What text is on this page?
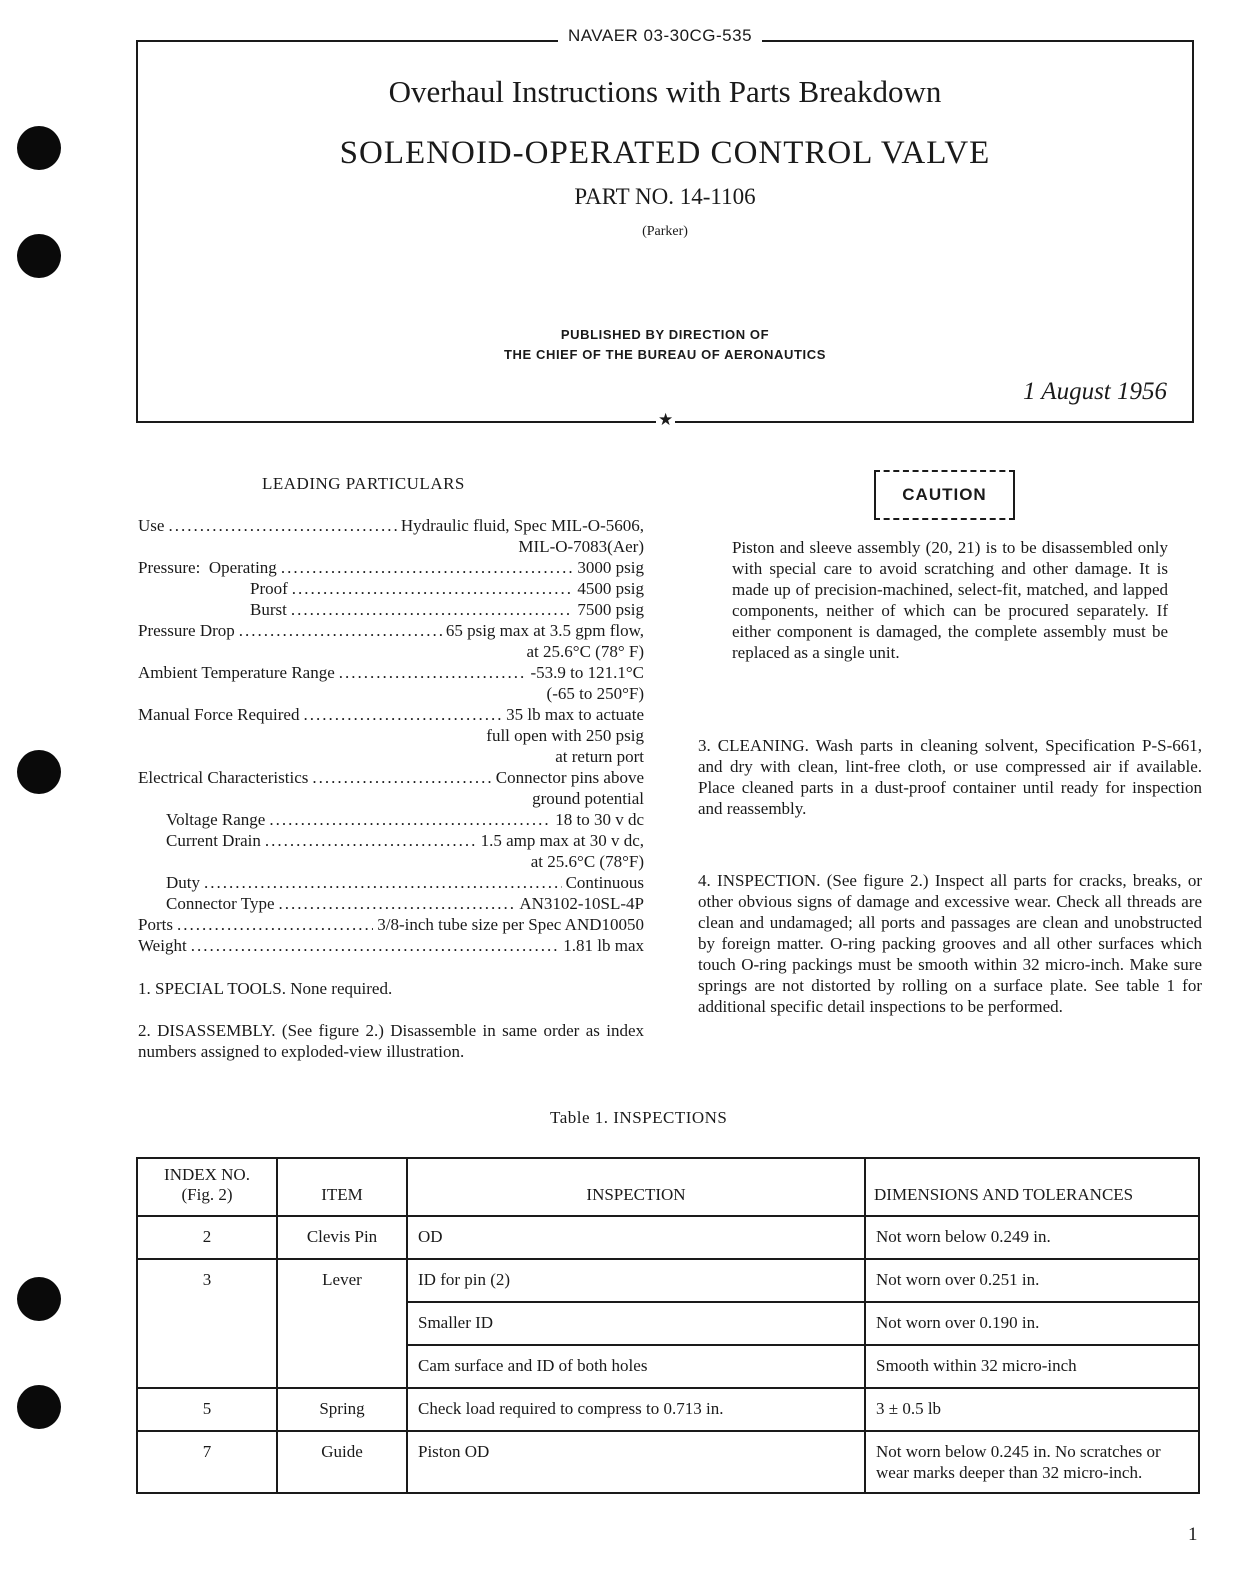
NAVAER 03-30CG-535
Overhaul Instructions with Parts Breakdown
SOLENOID-OPERATED CONTROL VALVE
PART NO. 14-1106
(Parker)
PUBLISHED BY DIRECTION OF
THE CHIEF OF THE BUREAU OF AERONAUTICS
1 August 1956
★
LEADING PARTICULARS
Use .....	Hydraulic fluid, Spec MIL-O-5606,
MIL-O-7083(Aer)
Pressure: Operating .....	3000 psig
Proof .....	4500 psig
Burst .....	7500 psig
Pressure Drop .....	65 psig max at 3.5 gpm flow,
at 25.6°C (78° F)
Ambient Temperature Range .....	-53.9 to 121.1°C
(-65 to 250°F)
Manual Force Required .....	35 lb max to actuate
full open with 250 psig
at return port
Electrical Characteristics .....	Connector pins above
ground potential
Voltage Range .....	18 to 30 v dc
Current Drain .....	1.5 amp max at 30 v dc,
at 25.6°C (78°F)
Duty .....	Continuous
Connector Type .....	AN3102-10SL-4P
Ports .....	3/8-inch tube size per Spec AND10050
Weight .....	1.81 lb max
1. SPECIAL TOOLS. None required.
2. DISASSEMBLY. (See figure 2.) Disassemble in same order as index numbers assigned to exploded-view illustration.
CAUTION
Piston and sleeve assembly (20, 21) is to be disassembled only with special care to avoid scratching and other damage. It is made up of precision-machined, select-fit, matched, and lapped components, neither of which can be procured separately. If either component is damaged, the complete assembly must be replaced as a single unit.
3. CLEANING. Wash parts in cleaning solvent, Specification P-S-661, and dry with clean, lint-free cloth, or use compressed air if available. Place cleaned parts in a dust-proof container until ready for inspection and reassembly.
4. INSPECTION. (See figure 2.) Inspect all parts for cracks, breaks, or other obvious signs of damage and excessive wear. Check all threads are clean and undamaged; all ports and passages are clean and unobstructed by foreign matter. O-ring packing grooves and all other surfaces which touch O-ring packings must be smooth within 32 micro-inch. Make sure springs are not distorted by rolling on a surface plate. See table 1 for additional specific detail inspections to be performed.
Table 1. INSPECTIONS
INDEX NO.
(Fig. 2)	ITEM	INSPECTION	DIMENSIONS AND TOLERANCES
2	Clevis Pin	OD	Not worn below 0.249 in.
3	Lever	ID for pin (2)	Not worn over 0.251 in.
		Smaller ID	Not worn over 0.190 in.
		Cam surface and ID of both holes	Smooth within 32 micro-inch
5	Spring	Check load required to compress to 0.713 in.	3 ± 0.5 lb
7	Guide	Piston OD	Not worn below 0.245 in. No scratches or wear marks deeper than 32 micro-inch.
1
